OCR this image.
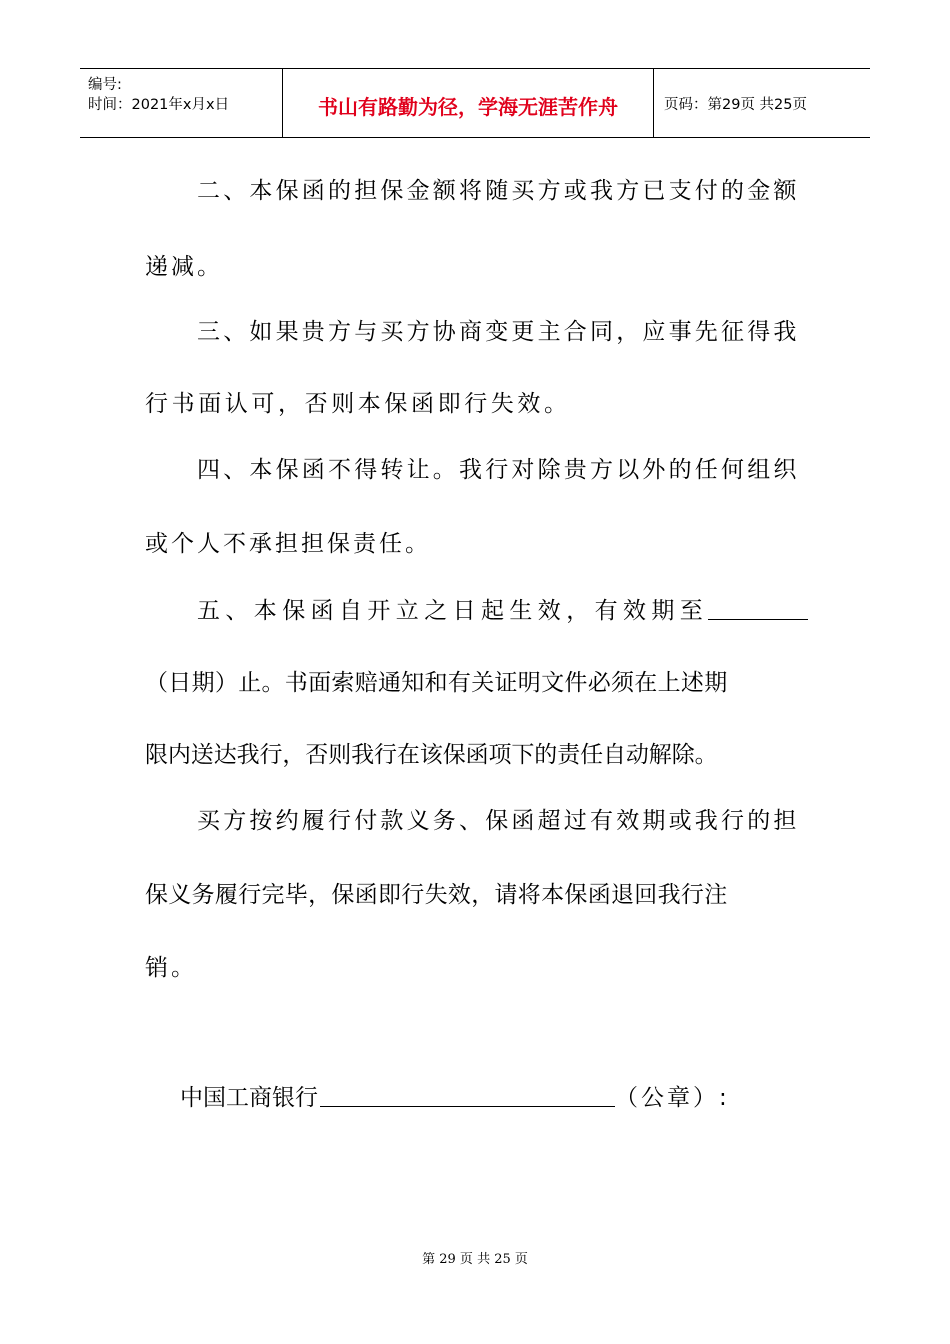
编号:
时间：2021年x月x日	书山有路勤为径，学海无涯苦作舟	页码：第29页 共25页
二、本保函的担保金额将随买方或我方已支付的金额
递减。
三、如果贵方与买方协商变更主合同，应事先征得我
行书面认可，否则本保函即行失效。
四、本保函不得转让。我行对除贵方以外的任何组织
或个人不承担担保责任。
五、本保函自开立之日起生效，有效期至
（日期）止。书面索赔通知和有关证明文件必须在上述期
限内送达我行，否则我行在该保函项下的责任自动解除。
买方按约履行付款义务、保函超过有效期或我行的担
保义务履行完毕，保函即行失效，请将本保函退回我行注
销。
中国工商银行	（公章）:
第 29 页 共 25 页
